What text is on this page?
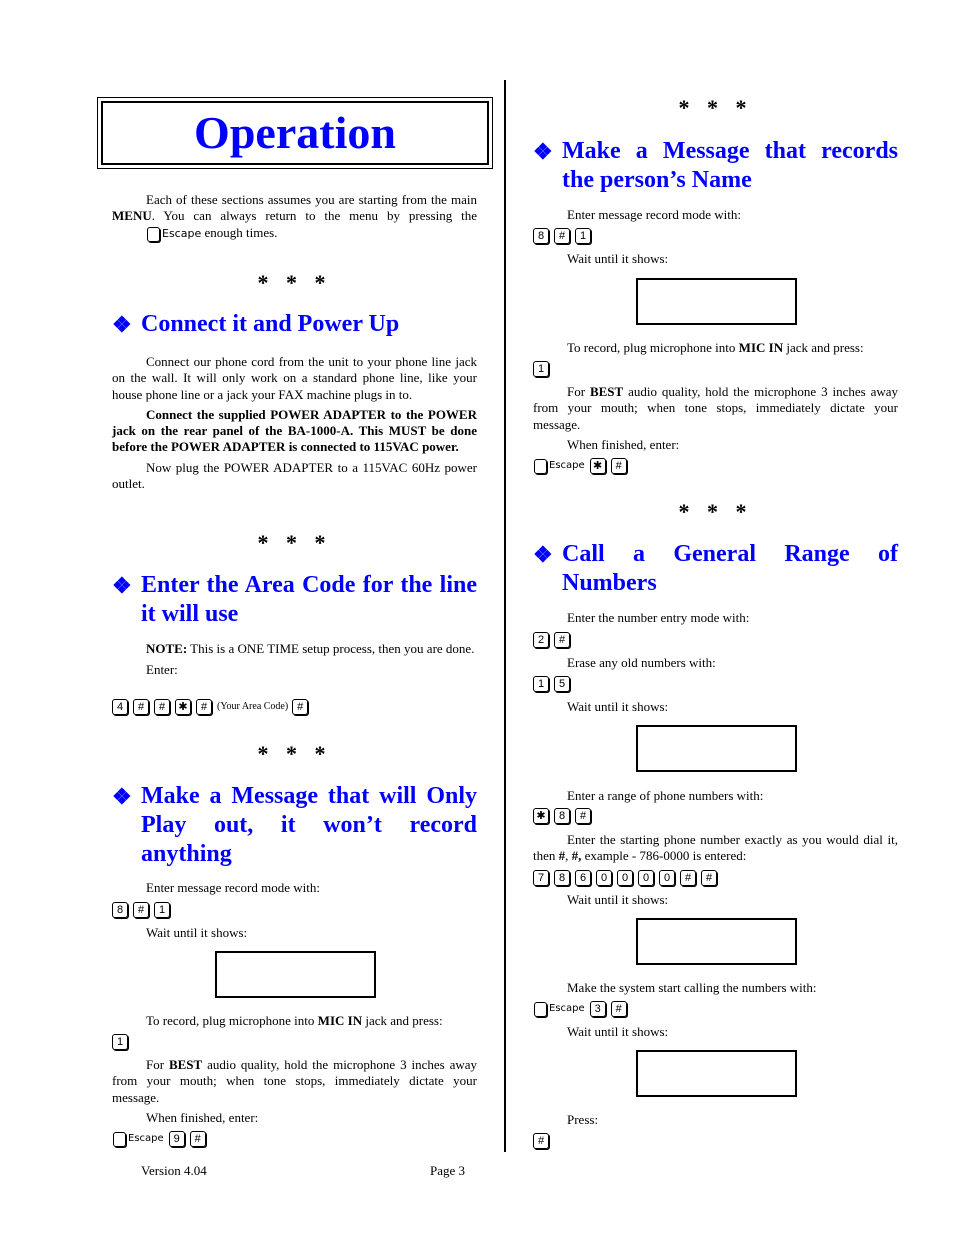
Operation

Each of these sections assumes you are starting from the main MENU. You can always return to the menu by pressing the Escape enough times.

* * *
❖ Connect it and Power Up

Connect our phone cord from the unit to your phone line jack on the wall. It will only work on a standard phone line, like your house phone line or a jack your FAX machine plugs in to.

Connect the supplied POWER ADAPTER to the POWER jack on the rear panel of the BA-1000-A. This MUST be done before the POWER ADAPTER is connected to 115VAC power.

Now plug the POWER ADAPTER to a 115VAC 60Hz power outlet.

* * *
❖ Enter the Area Code for the line it will use

NOTE: This is a ONE TIME setup process, then you are done.

Enter:

4 # # ✱ # (Your Area Code) #
* * *
❖ Make a Message that will Only Play out, it won’t record anything

Enter message record mode with:

8 # 1

Wait until it shows:

To record, plug microphone into MIC IN jack and press:

1

For BEST audio quality, hold the microphone 3 inches away from your mouth; when tone stops, immediately dictate your message.

When finished, enter:

Escape 9 #
Version 4.04	Page 3
* * *
❖ Make a Message that records the person’s Name

Enter message record mode with:

8 # 1

Wait until it shows:

To record, plug microphone into MIC IN jack and press:

1

For BEST audio quality, hold the microphone 3 inches away from your mouth; when tone stops, immediately dictate your message.

When finished, enter:

Escape ✱ #
* * *
❖ Call a General Range of Numbers

Enter the number entry mode with:

2 #

Erase any old numbers with:

1 5

Wait until it shows:

Enter a range of phone numbers with:

✱ 8 #

Enter the starting phone number exactly as you would dial it, then #, #, example - 786-0000 is entered:

7 8 6 0 0 0 0 # #

Wait until it shows:

Make the system start calling the numbers with:

Escape 3 #

Wait until it shows:

Press:

#
